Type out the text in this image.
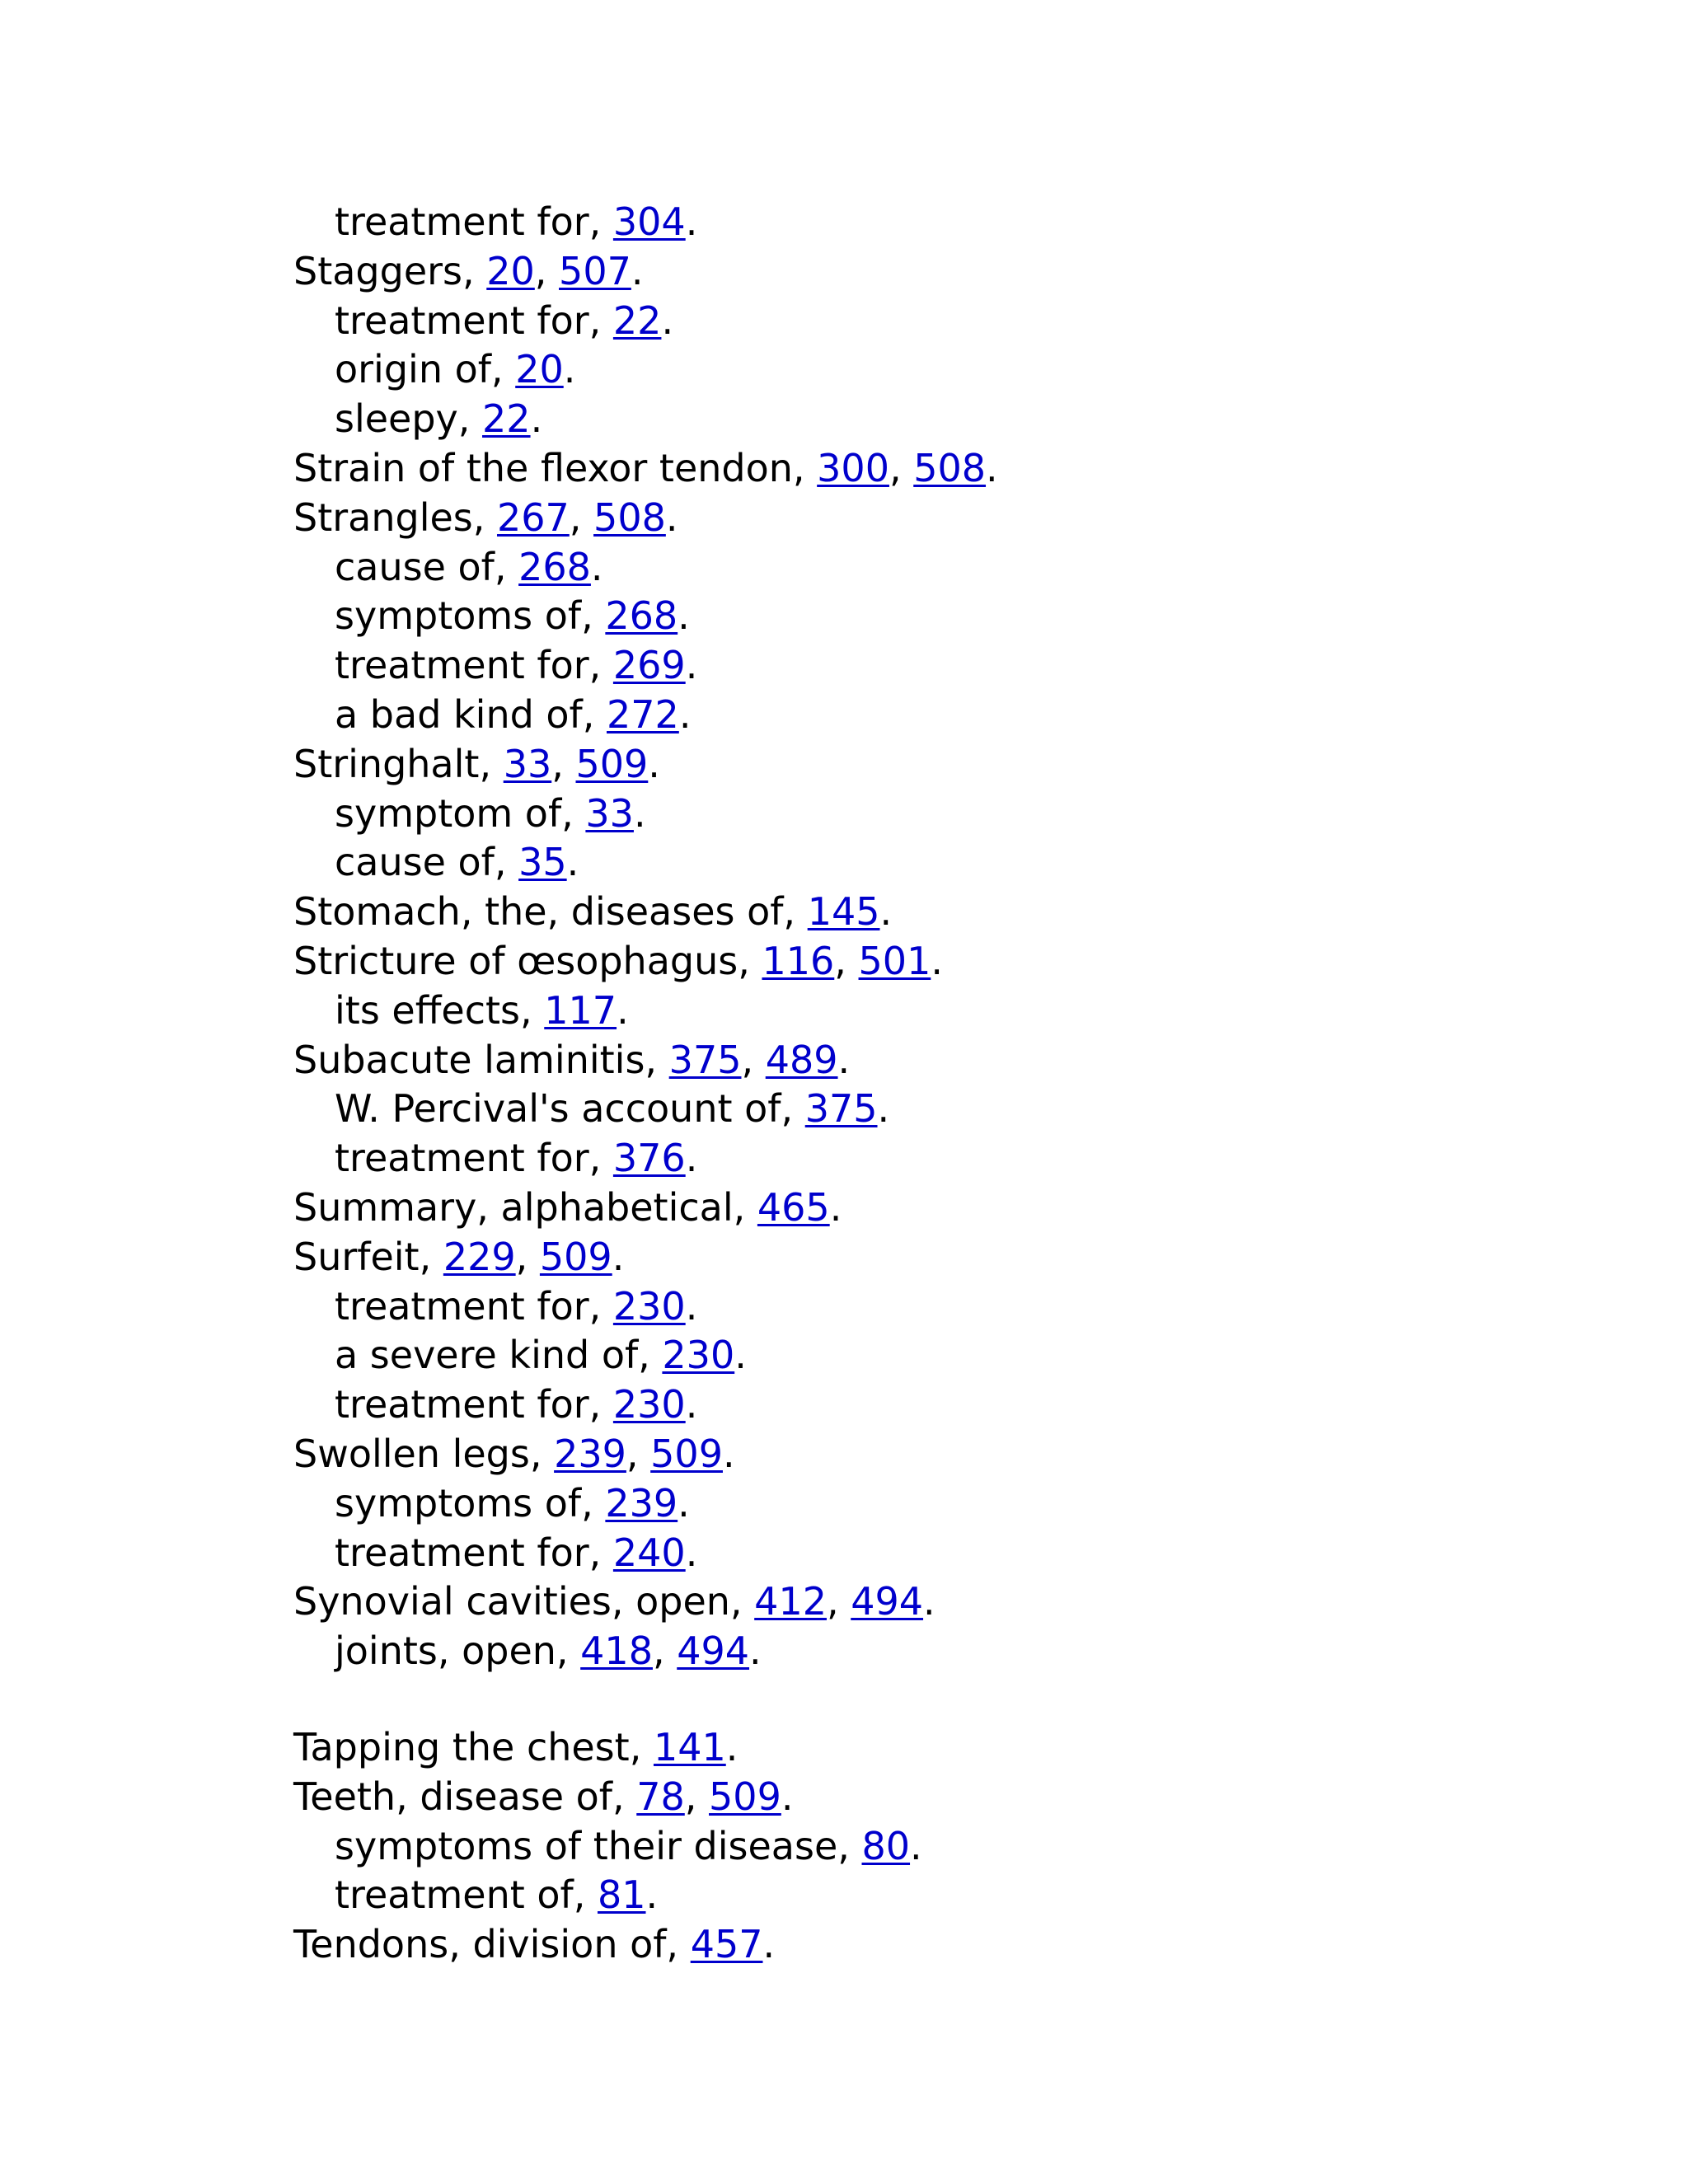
treatment for, 304.
Staggers, 20, 507.
treatment for, 22.
origin of, 20.
sleepy, 22.
Strain of the flexor tendon, 300, 508.
Strangles, 267, 508.
cause of, 268.
symptoms of, 268.
treatment for, 269.
a bad kind of, 272.
Stringhalt, 33, 509.
symptom of, 33.
cause of, 35.
Stomach, the, diseases of, 145.
Stricture of œsophagus, 116, 501.
its effects, 117.
Subacute laminitis, 375, 489.
W. Percival's account of, 375.
treatment for, 376.
Summary, alphabetical, 465.
Surfeit, 229, 509.
treatment for, 230.
a severe kind of, 230.
treatment for, 230.
Swollen legs, 239, 509.
symptoms of, 239.
treatment for, 240.
Synovial cavities, open, 412, 494.
joints, open, 418, 494.
Tapping the chest, 141.
Teeth, disease of, 78, 509.
symptoms of their disease, 80.
treatment of, 81.
Tendons, division of, 457.
